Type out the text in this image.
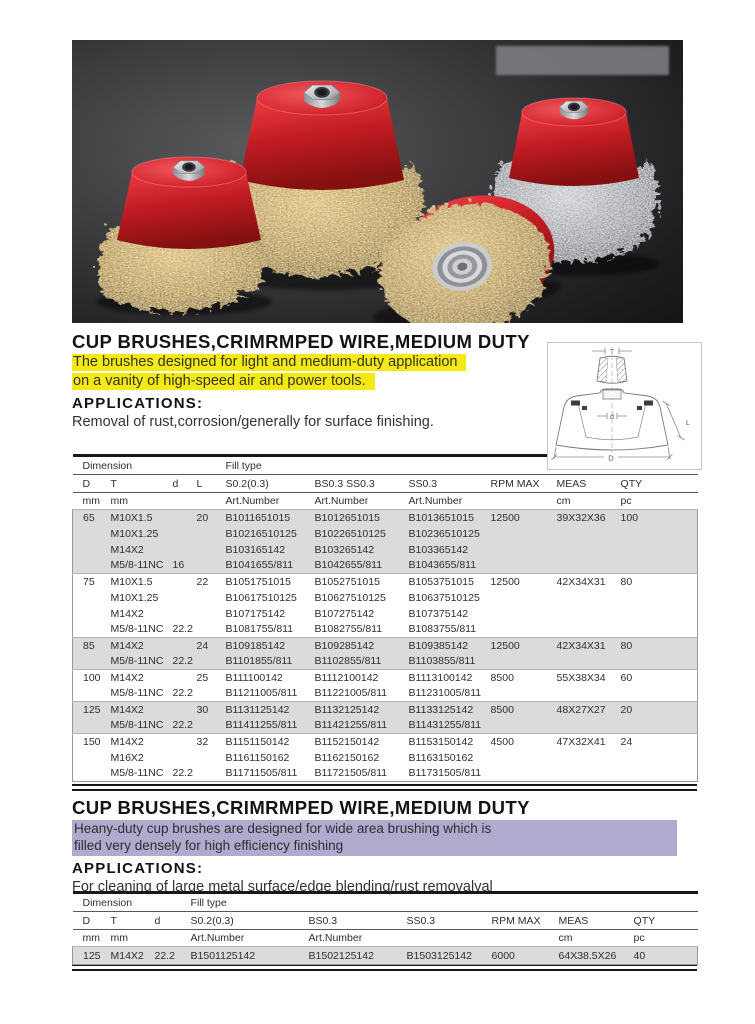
CUP BRUSHES,CRIMRMPED WIRE,MEDIUM DUTY
The brushes designed for light and medium-duty application
on a vanity of high-speed air and power tools.
APPLICATIONS:
Removal of rust,corrosion/generally for surface finishing.
T
d
L
D
Dimension				Fill type					
D	T	d	L	S0.2(0.3)	BS0.3 SS0.3	SS0.3	RPM MAX	MEAS	QTY
mm	mm			Art.Number	Art.Number	Art.Number		cm	pc
65	M10X1.5		20	B1011651015	B1012651015	B1013651015	12500	39X32X36	100
	M10X1.25			B10216510125	B10226510125	B10236510125			
	M14X2			B103165142	B103265142	B103365142			
	M5/8-11NC	16		B1041655/811	B1042655/811	B1043655/811			
75	M10X1.5		22	B1051751015	B1052751015	B1053751015	12500	42X34X31	80
	M10X1.25			B10617510125	B10627510125	B10637510125			
	M14X2			B107175142	B107275142	B107375142			
	M5/8-11NC	22.2		B1081755/811	B1082755/811	B1083755/811			
85	M14X2		24	B109185142	B109285142	B109385142	12500	42X34X31	80
	M5/8-11NC	22.2		B1101855/811	B1102855/811	B1103855/811			
100	M14X2		25	B111100142	B1112100142	B1113100142	8500	55X38X34	60
	M5/8-11NC	22.2		B11211005/811	B11221005/811	B11231005/811			
125	M14X2		30	B1131125142	B1132125142	B1133125142	8500	48X27X27	20
	M5/8-11NC	22.2		B11411255/811	B11421255/811	B11431255/811			
150	M14X2		32	B1151150142	B1152150142	B1153150142	4500	47X32X41	24
	M16X2			B1161150162	B1162150162	B1163150162			
	M5/8-11NC	22.2		B11711505/811	B11721505/811	B11731505/811			
CUP BRUSHES,CRIMRMPED WIRE,MEDIUM DUTY
Heany-duty cup brushes are designed for wide area brushing which is
filled very densely for high efficiency finishing
APPLICATIONS:
For cleaning of large metal surface/edge blending/rust removalval
Dimension			Fill type					
D	T	d	S0.2(0.3)	BS0.3	SS0.3	RPM MAX	MEAS	QTY
mm	mm		Art.Number	Art.Number			cm	pc
125	M14X2	22.2	B1501125142	B1502125142	B1503125142	6000	64X38.5X26	40
